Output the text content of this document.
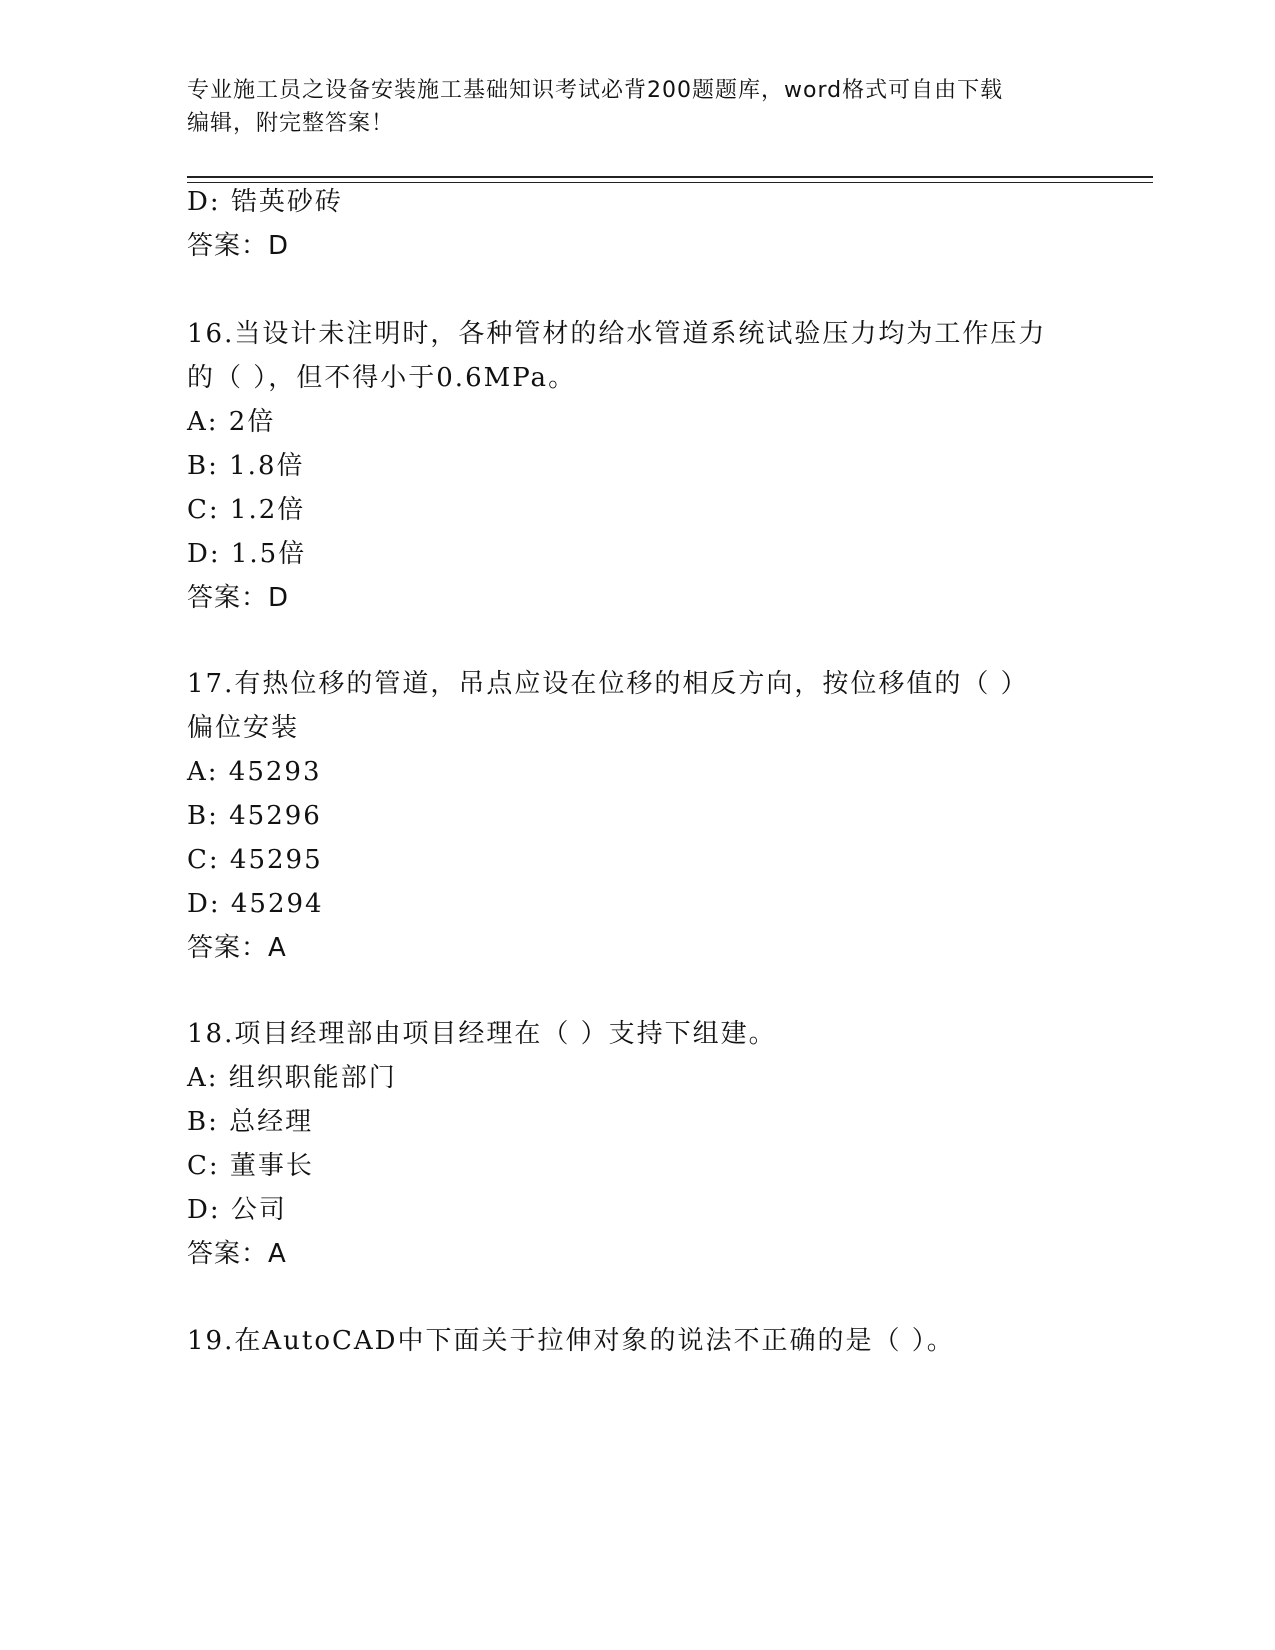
专业施工员之设备安装施工基础知识考试必背200题题库，word格式可自由下载
编辑，附完整答案！
D: 锆英砂砖
答案：D
16.当设计未注明时，各种管材的给水管道系统试验压力均为工作压力
的（ ），但不得小于0.6MPa。
A: 2倍
B: 1.8倍
C: 1.2倍
D: 1.5倍
答案：D
17.有热位移的管道，吊点应设在位移的相反方向，按位移值的（ ）
偏位安装
A: 45293
B: 45296
C: 45295
D: 45294
答案：A
18.项目经理部由项目经理在（ ）支持下组建。
A: 组织职能部门
B: 总经理
C: 董事长
D: 公司
答案：A
19.在AutoCAD中下面关于拉伸对象的说法不正确的是（ ）。
